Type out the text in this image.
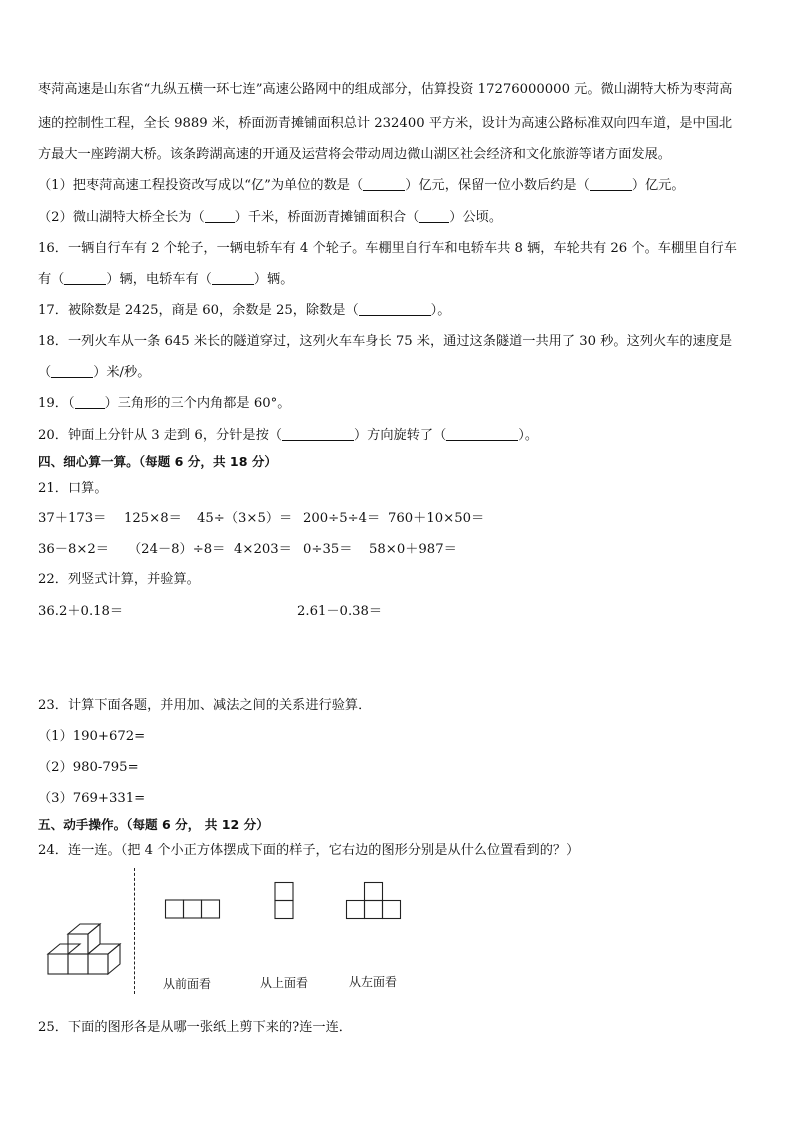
枣菏高速是山东省“九纵五横一环七连”高速公路网中的组成部分，估算投资 17276000000 元。微山湖特大桥为枣菏高
速的控制性工程，全长 9889 米，桥面沥青摊铺面积总计 232400 平方米，设计为高速公路标准双向四车道，是中国北
方最大一座跨湖大桥。该条跨湖高速的开通及运营将会带动周边微山湖区社会经济和文化旅游等诸方面发展。
（1）把枣菏高速工程投资改写成以“亿”为单位的数是（	）亿元，保留一位小数后约是（	）亿元。
（2）微山湖特大桥全长为（ ）千米，桥面沥青摊铺面积合（ ）公顷。
16．一辆自行车有 2 个轮子，一辆电轿车有 4 个轮子。车棚里自行车和电轿车共 8 辆，车轮共有 26 个。车棚里自行车
有（	）辆，电轿车有（	）辆。
17．被除数是 2425，商是 60，余数是 25，除数是（	）。
18．一列火车从一条 645 米长的隧道穿过，这列火车车身长 75 米，通过这条隧道一共用了 30 秒。这列火车的速度是
（	）米/秒。
19．（ ）三角形的三个内角都是 60°。
20．钟面上分针从 3 走到 6，分针是按（	）方向旋转了（	）。
四、细心算一算。（每题 6 分，共 18 分）
21．口算。
37＋173＝ 125×8＝ 45÷（3×5）＝ 200÷5÷4＝ 760＋10×50＝
36－8×2＝ （24－8）÷8＝ 4×203＝ 0÷35＝ 58×0＋987＝
22．列竖式计算，并验算。
36.2＋0.18＝	2.61－0.38＝
23．计算下面各题，并用加、减法之间的关系进行验算．
（1）190+672=
（2）980-795=
（3）769+331=
五、动手操作。（每题 6 分， 共 12 分）
24．连一连。（把 4 个小正方体摆成下面的样子，它右边的图形分别是从什么位置看到的？）
从前面看	从上面看	从左面看
25．下面的图形各是从哪一张纸上剪下来的?连一连．
